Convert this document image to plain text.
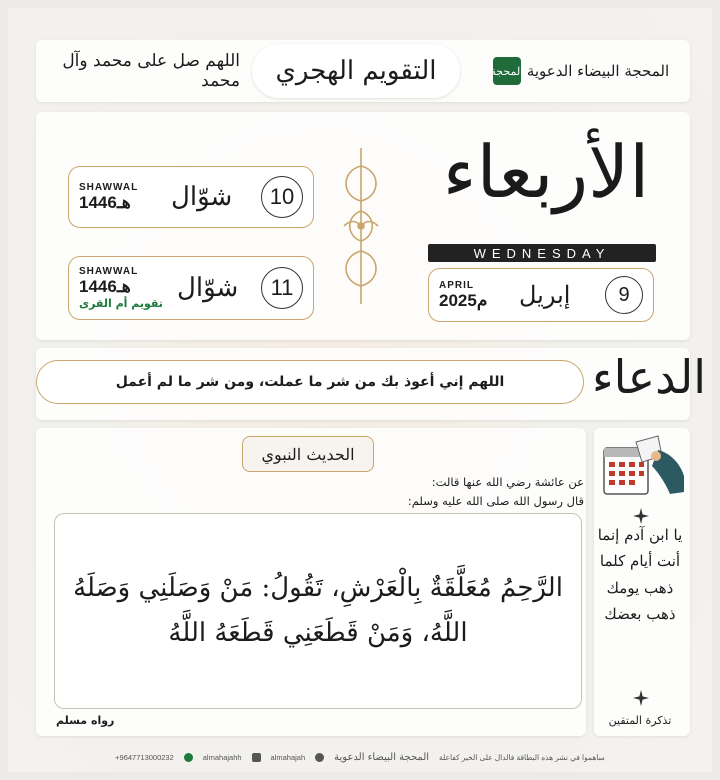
اللهم صل على محمد وآل محمد	التقويم الهجري	المحجة البيضاء الدعوية
المحجة
SHAWWAL
1446هـ شوّال	10
SHAWWAL
1446هـ
تقويم أم القرى
شوّال	11
الأربعاء
WEDNESDAY
APRIL
2025م إبريل	9
الدعاء
اللهم إني أعوذ بك من شر ما عملت، ومن شر ما لم أعمل
الحديث النبوي
عن عائشة رضي الله عنها قالت:
قال رسول الله صلى الله عليه وسلم:
الرَّحِمُ مُعَلَّقَةٌ بِالْعَرْشِ، تَقُولُ: مَنْ وَصَلَنِي وَصَلَهُ اللَّهُ، وَمَنْ قَطَعَنِي قَطَعَهُ اللَّهُ
رواه مسلم
يا ابن آدم إنما أنت أيام كلما ذهب يومك ذهب بعضك
تذكرة المتقين
ساهموا في نشر هذه البطاقة فالدال على الخير كفاعلة
المحجة البيضاء الدعوية
almahajah
almahajahh
+9647713000232
